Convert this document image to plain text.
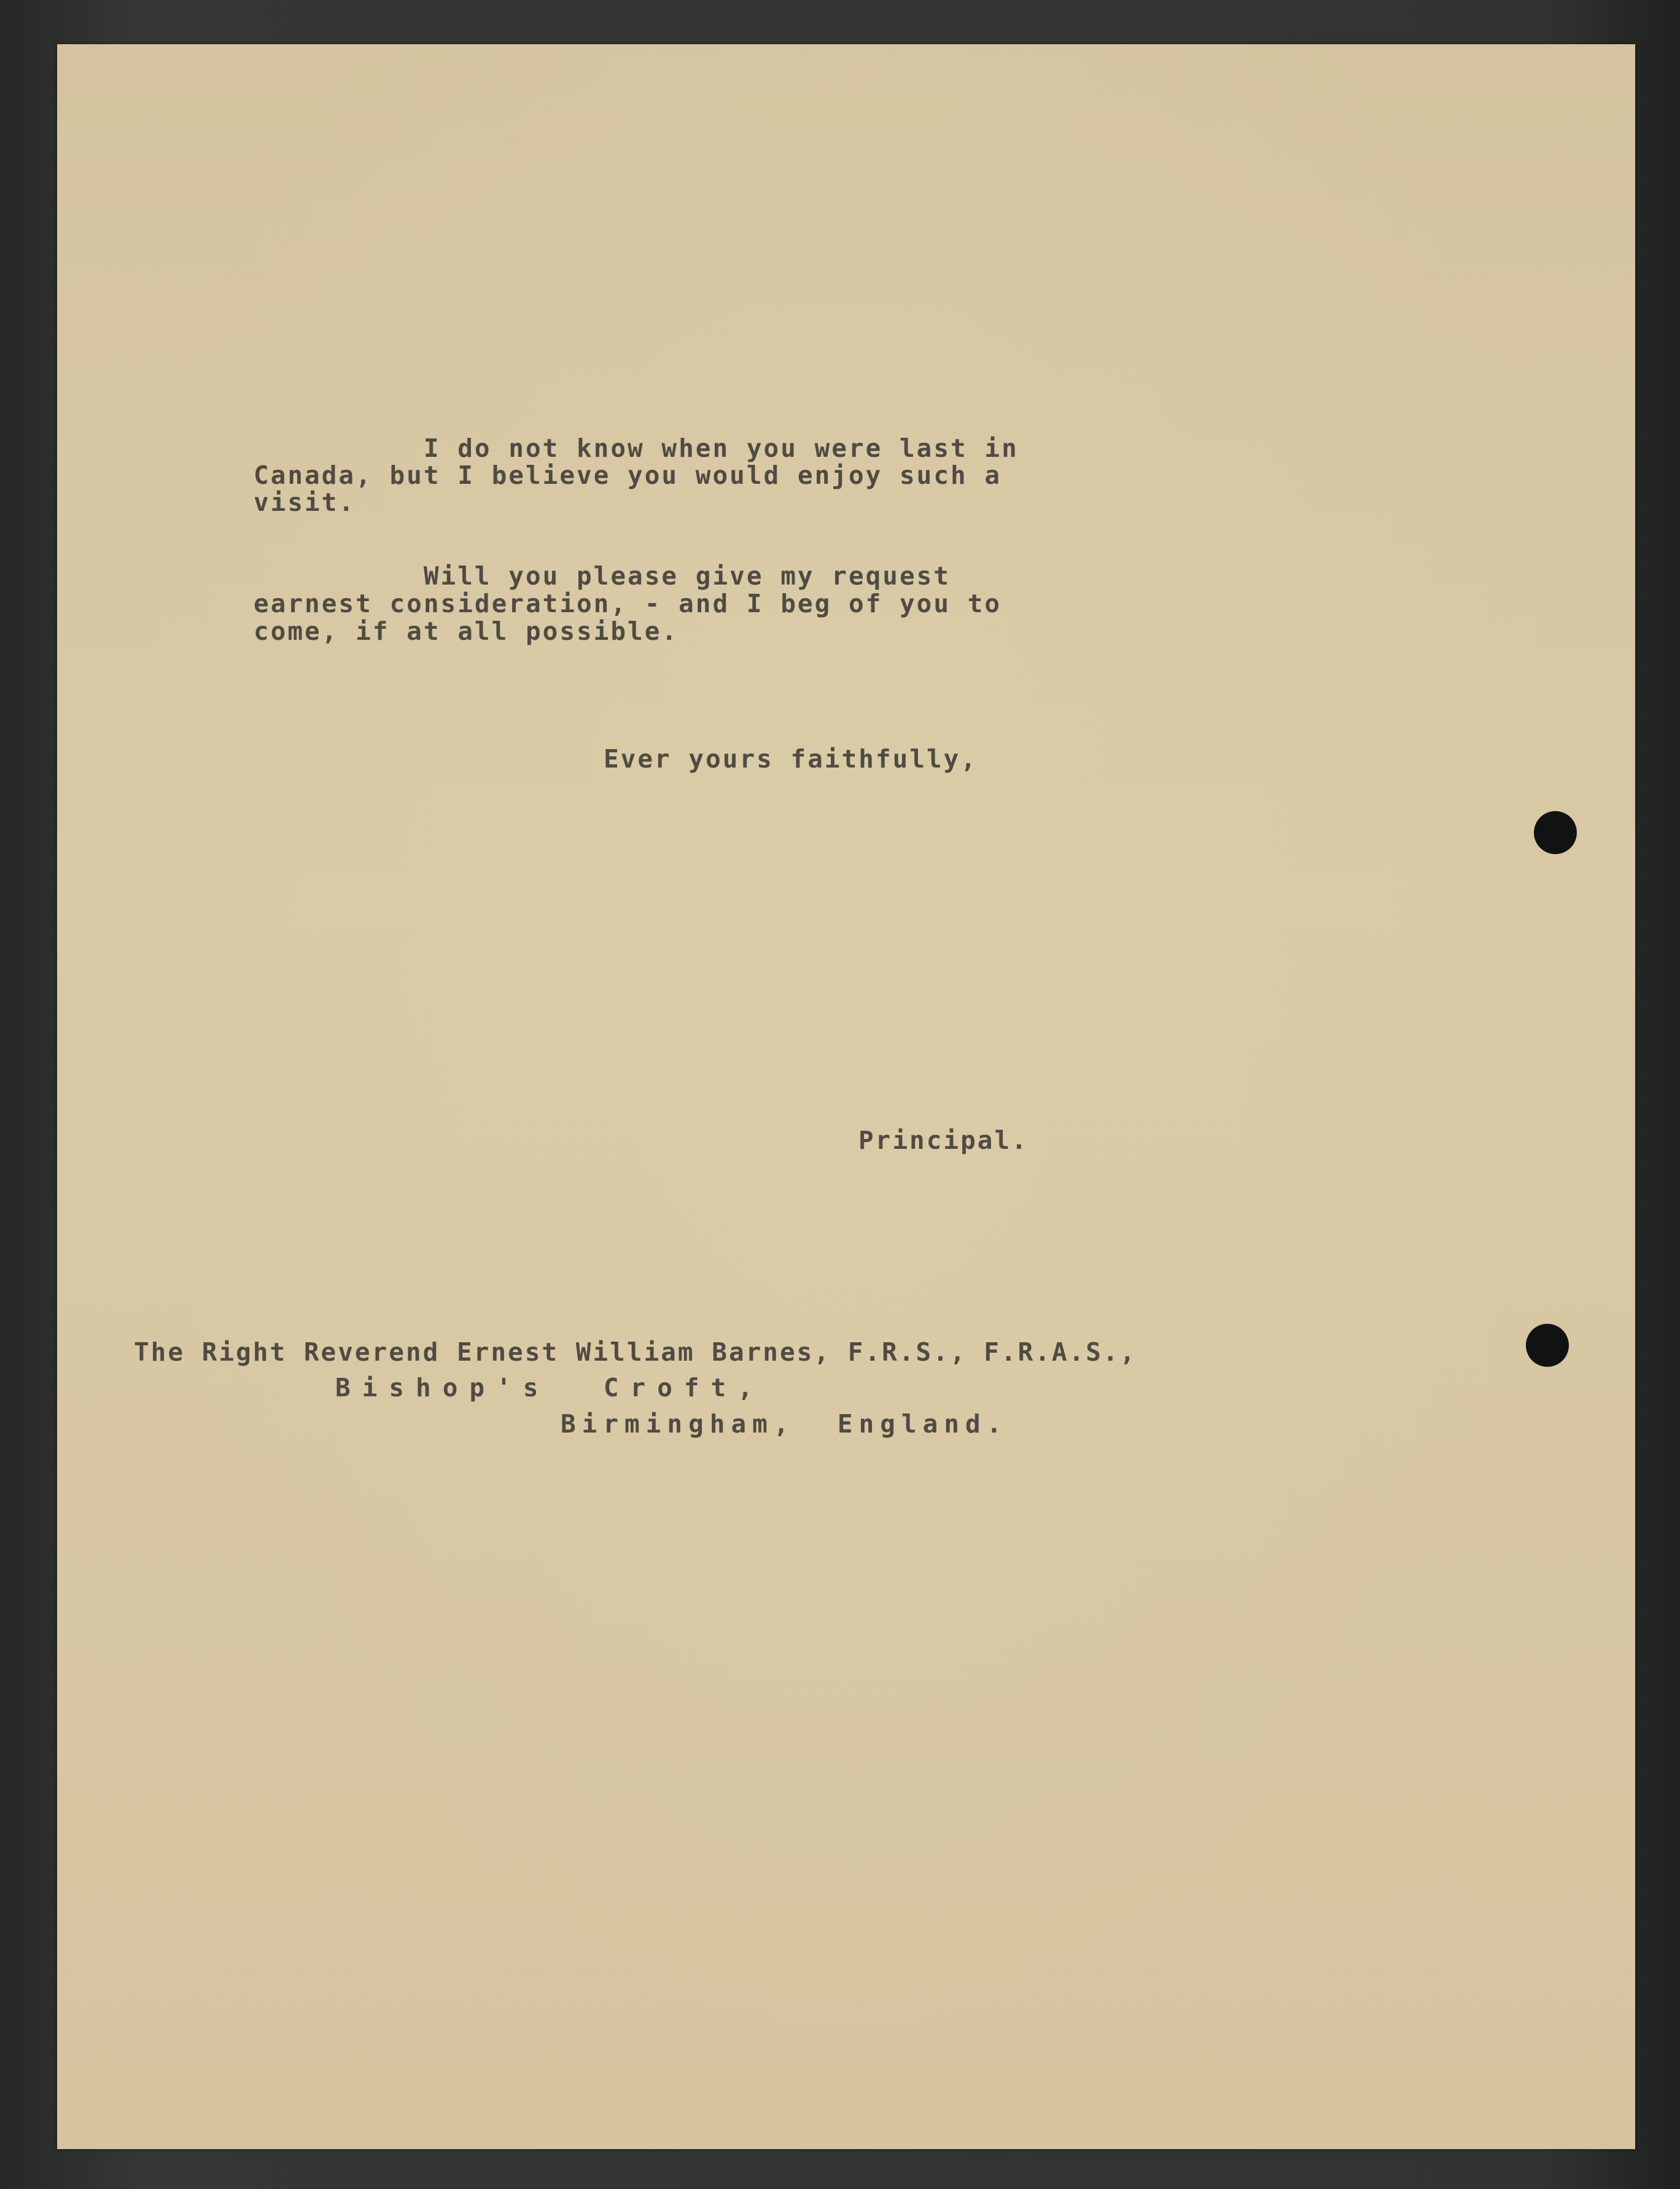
I do not know when you were last in

Canada, but I believe you would enjoy such a

visit.

Will you please give my request

earnest consideration, - and I beg of you to

come, if at all possible.

Ever yours faithfully,

Principal.

The Right Reverend Ernest William Barnes, F.R.S., F.R.A.S.,

Bishop's  Croft,

Birmingham,  England.
